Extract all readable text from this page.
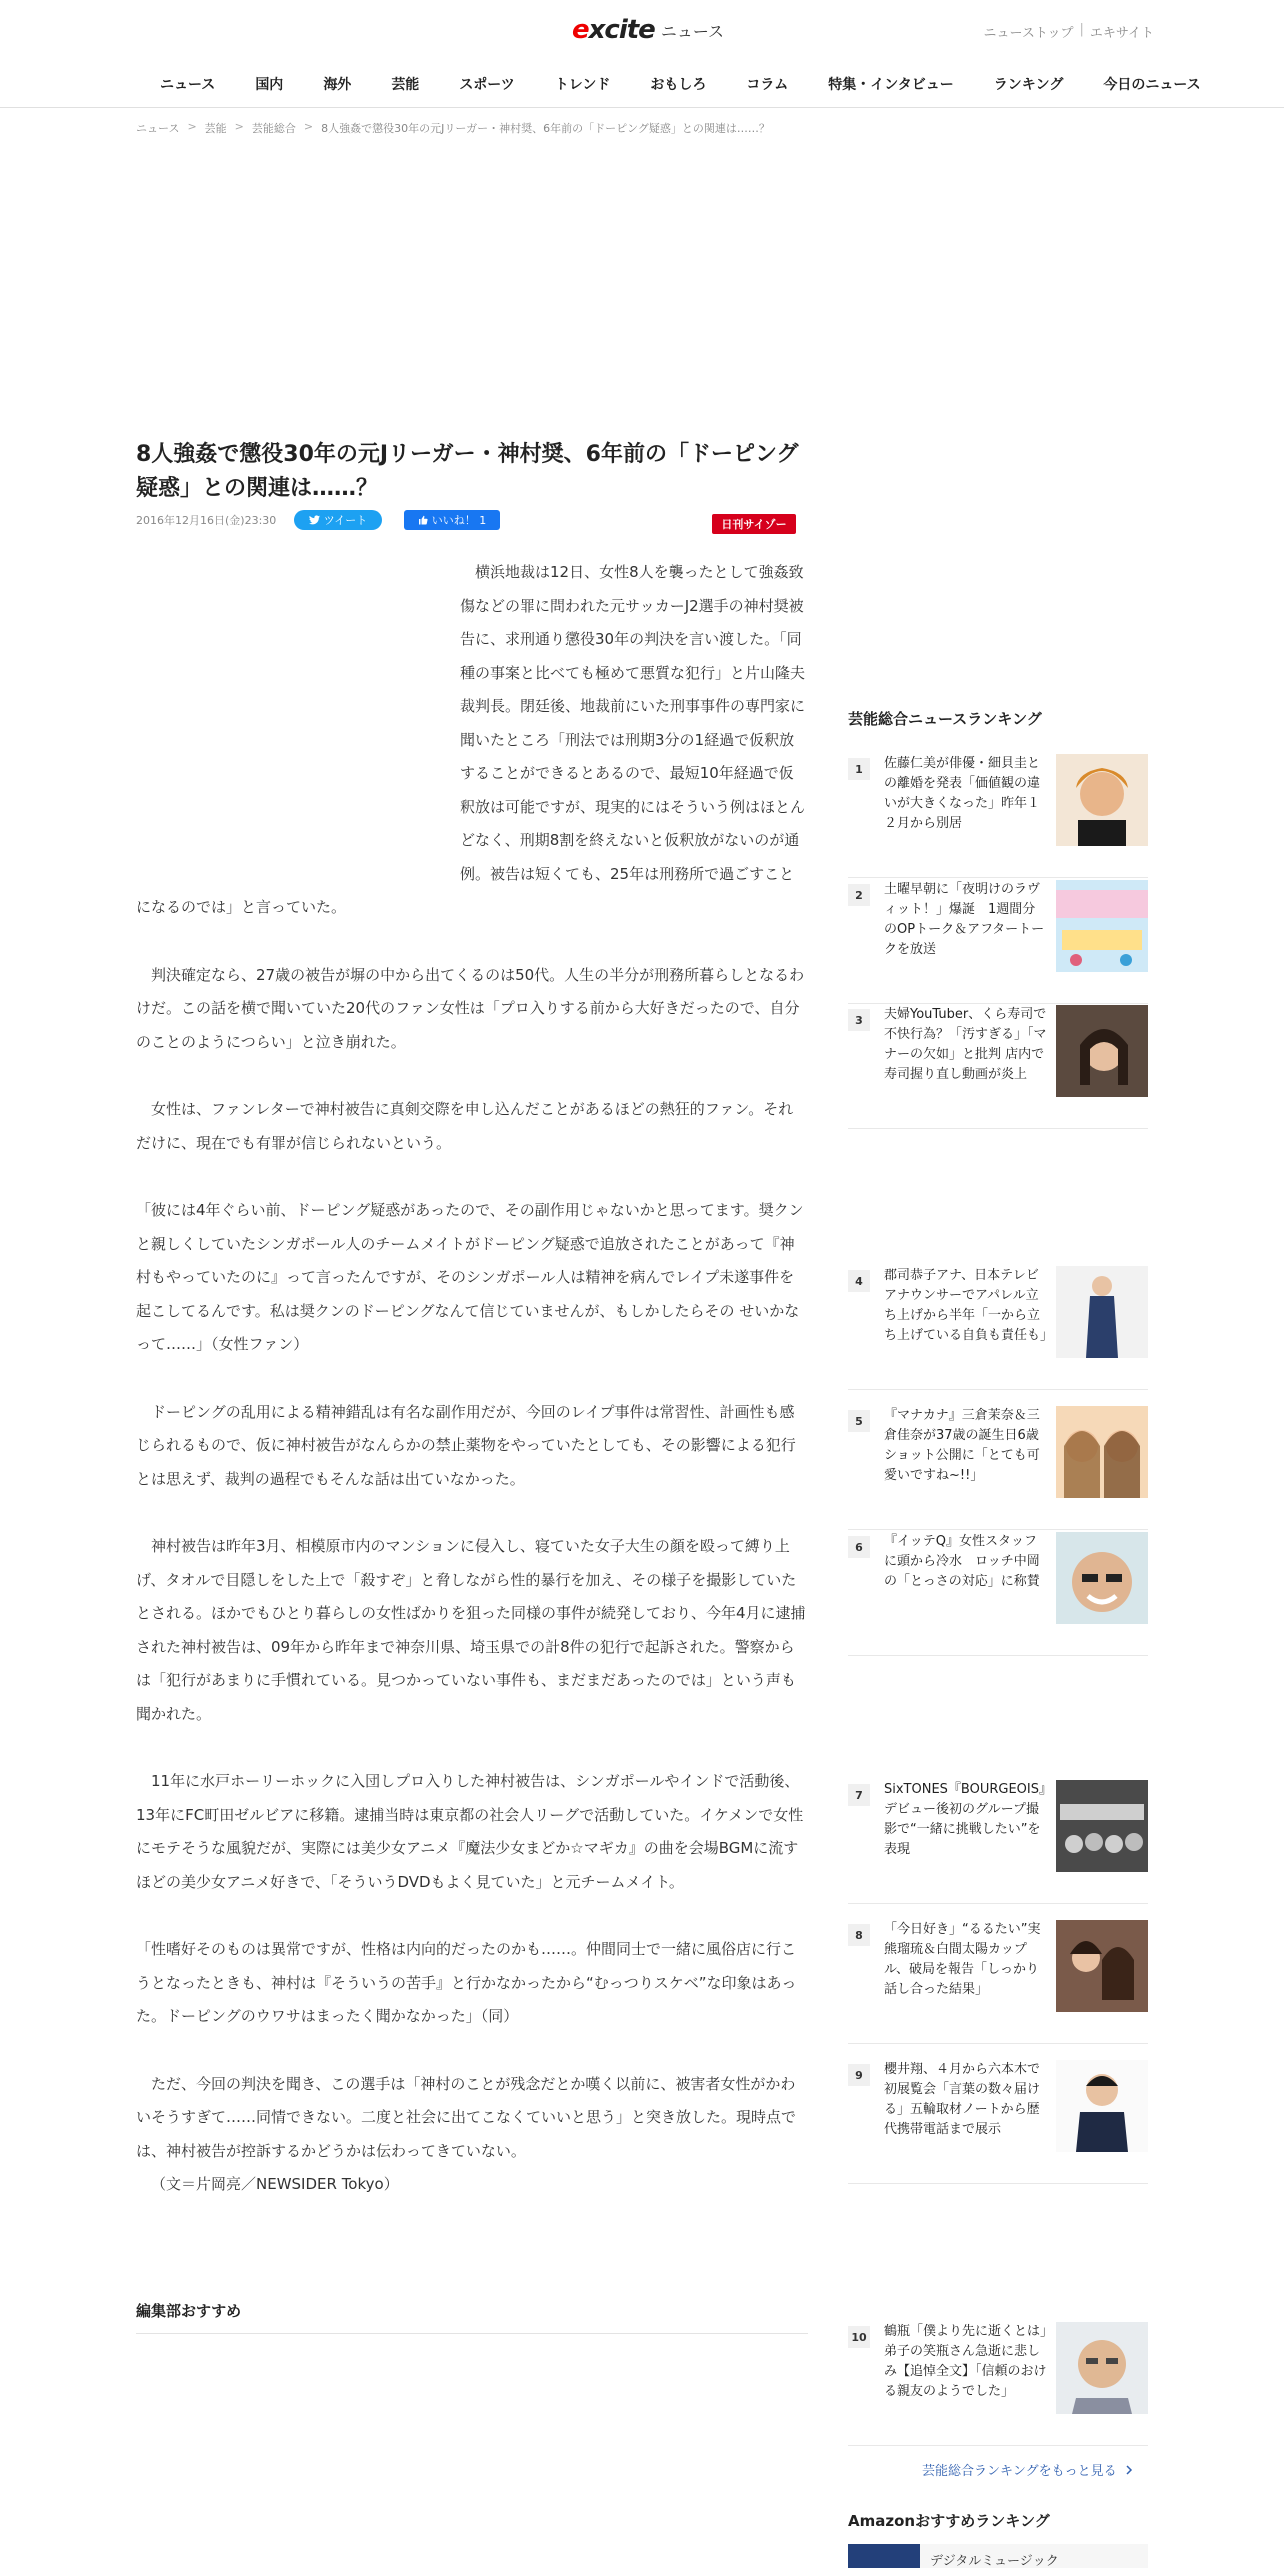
excite ニュース	ニューストップ | エキサイト
ニュース	国内	海外	芸能	スポーツ	トレンド	おもしろ	コラム	特集・インタビュー	ランキング	今日のニュース
ニュース > 芸能 > 芸能総合 > 8人強姦で懲役30年の元Jリーガー・神村奨、6年前の「ドーピング疑惑」との関連は……？
8人強姦で懲役30年の元Jリーガー・神村奨、6年前の「ドーピング疑惑」との関連は……？
2016年12月16日(金)23:30	ツイート	いいね！ 1	日刊サイゾー

　横浜地裁は12日、女性8人を襲ったとして強姦致傷などの罪に問われた元サッカーJ2選手の神村奨被告に、求刑通り懲役30年の判決を言い渡した。「同種の事案と比べても極めて悪質な犯行」と片山隆夫裁判長。閉廷後、地裁前にいた刑事事件の専門家に聞いたところ「刑法では刑期3分の1経過で仮釈放することができるとあるので、最短10年経過で仮釈放は可能ですが、現実的にはそういう例はほとんどなく、刑期8割を終えないと仮釈放がないのが通例。被告は短くても、25年は刑務所で過ごすことになるのでは」と言っていた。

　判決確定なら、27歳の被告が塀の中から出てくるのは50代。人生の半分が刑務所暮らしとなるわけだ。この話を横で聞いていた20代のファン女性は「プロ入りする前から大好きだったので、自分のことのようにつらい」と泣き崩れた。

　女性は、ファンレターで神村被告に真剣交際を申し込んだことがあるほどの熱狂的ファン。それだけに、現在でも有罪が信じられないという。

「彼には4年ぐらい前、ドーピング疑惑があったので、その副作用じゃないかと思ってます。奨クンと親しくしていたシンガポール人のチームメイトがドーピング疑惑で追放されたことがあって『神村もやっていたのに』って言ったんですが、そのシンガポール人は精神を病んでレイプ未遂事件を起こしてるんです。私は奨クンのドーピングなんて信じていませんが、もしかしたらその せいかなって……」（女性ファン）

　ドーピングの乱用による精神錯乱は有名な副作用だが、今回のレイプ事件は常習性、計画性も感じられるもので、仮に神村被告がなんらかの禁止薬物をやっていたとしても、その影響による犯行とは思えず、裁判の過程でもそんな話は出ていなかった。

　神村被告は昨年3月、相模原市内のマンションに侵入し、寝ていた女子大生の顔を殴って縛り上げ、タオルで目隠しをした上で「殺すぞ」と脅しながら性的暴行を加え、その様子を撮影していたとされる。ほかでもひとり暮らしの女性ばかりを狙った同様の事件が続発しており、今年4月に逮捕された神村被告は、09年から昨年まで神奈川県、埼玉県での計8件の犯行で起訴された。警察からは「犯行があまりに手慣れている。見つかっていない事件も、まだまだあったのでは」という声も聞かれた。

　11年に水戸ホーリーホックに入団しプロ入りした神村被告は、シンガポールやインドで活動後、13年にFC町田ゼルビアに移籍。逮捕当時は東京都の社会人リーグで活動していた。イケメンで女性にモテそうな風貌だが、実際には美少女アニメ『魔法少女まどか☆マギカ』の曲を会場BGMに流すほどの美少女アニメ好きで、「そういうDVDもよく見ていた」と元チームメイト。

「性嗜好そのものは異常ですが、性格は内向的だったのかも……。仲間同士で一緒に風俗店に行こうとなったときも、神村は『そういうの苦手』と行かなかったから“むっつりスケベ”な印象はあった。ドーピングのウワサはまったく聞かなかった」（同）

　ただ、今回の判決を聞き、この選手は「神村のことが残念だとか嘆く以前に、被害者女性がかわいそうすぎて……同情できない。二度と社会に出てこなくていいと思う」と突き放した。現時点では、神村被告が控訴するかどうかは伝わってきていない。

（文＝片岡亮／NEWSIDER Tokyo）

編集部おすすめ
芸能総合ニュースランキング
1	佐藤仁美が俳優・細貝圭との離婚を発表「価値観の違いが大きくなった」昨年１２月から別居
2	土曜早朝に「夜明けのラヴィット！」爆誕　1週間分のOPトーク＆アフタートークを放送
3	夫婦YouTuber、くら寿司で不快行為？「汚すぎる」「マナーの欠如」と批判 店内で寿司握り直し動画が炎上
4	郡司恭子アナ、日本テレビアナウンサーでアパレル立ち上げから半年「一から立ち上げている自負も責任も」
5	『マナカナ』三倉茉奈＆三倉佳奈が37歳の誕生日6歳ショット公開に「とても可愛いですね~!!」
6	『イッテQ』女性スタッフに頭から冷水　ロッチ中岡の「とっさの対応」に称賛
7	SixTONES『BOURGEOIS』デビュー後初のグループ撮影で“一緒に挑戦したい”を表現
8	「今日好き」“るるたい”実熊瑠琉＆白間太陽カップル、破局を報告「しっかり話し合った結果」
9	櫻井翔、４月から六本木で初展覧会「言葉の数々届ける」五輪取材ノートから歴代携帯電話まで展示
10 鶴瓶「僕より先に逝くとは」弟子の笑瓶さん急逝に悲しみ【追悼全文】「信頼のおける親友のようでした」
芸能総合ランキングをもっと見る
Amazonおすすめランキング
デジタルミュージック
